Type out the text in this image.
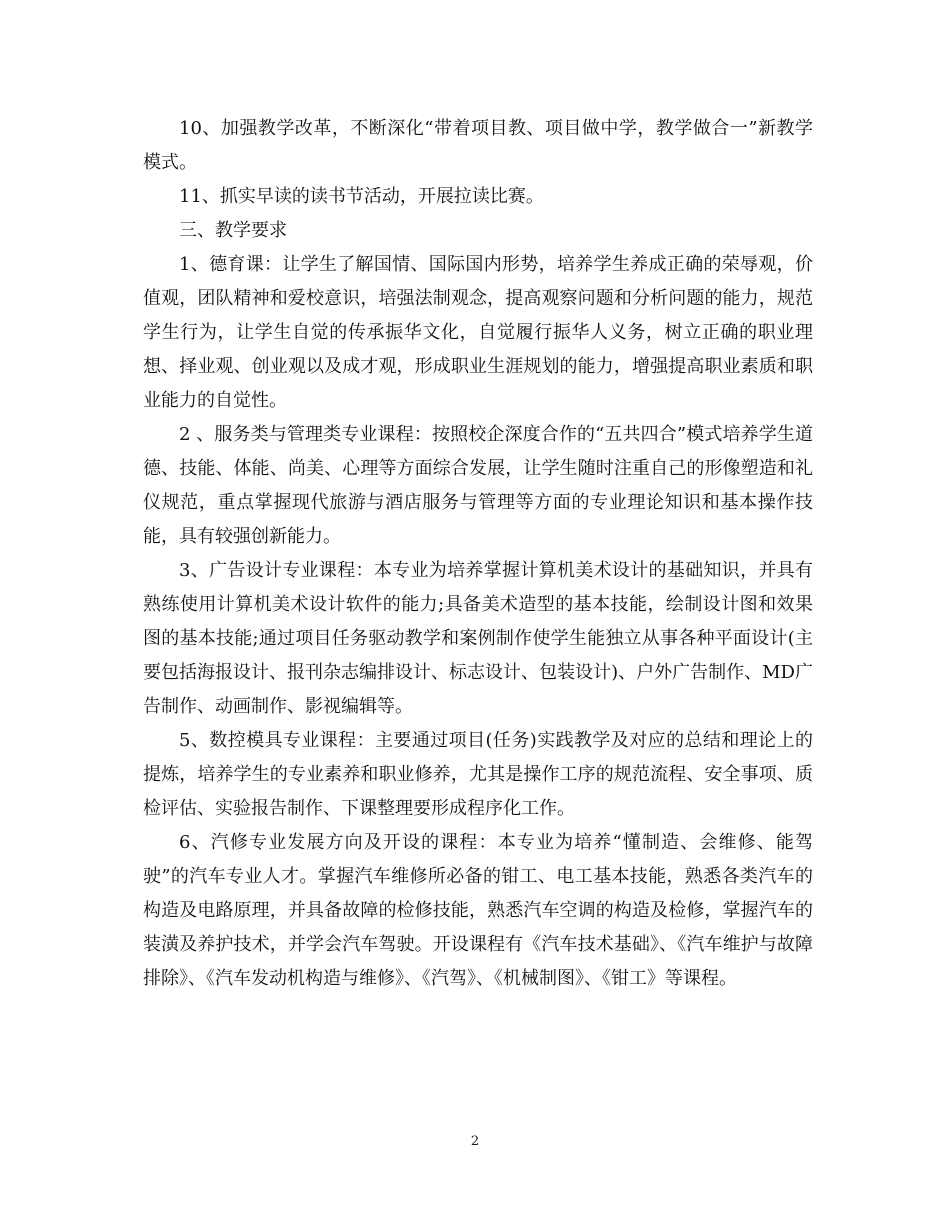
10、加强教学改革，不断深化“带着项目教、项目做中学，教学做合一”新教学模式。

11、抓实早读的读书节活动，开展拉读比赛。

三、教学要求

1、德育课：让学生了解国情、国际国内形势，培养学生养成正确的荣辱观，价值观，团队精神和爱校意识，培强法制观念，提高观察问题和分析问题的能力，规范学生行为，让学生自觉的传承振华文化，自觉履行振华人义务，树立正确的职业理想、择业观、创业观以及成才观，形成职业生涯规划的能力，增强提高职业素质和职业能力的自觉性。

2 、服务类与管理类专业课程：按照校企深度合作的“五共四合”模式培养学生道德、技能、体能、尚美、心理等方面综合发展，让学生随时注重自己的形像塑造和礼仪规范，重点掌握现代旅游与酒店服务与管理等方面的专业理论知识和基本操作技能，具有较强创新能力。

3、广告设计专业课程：本专业为培养掌握计算机美术设计的基础知识，并具有熟练使用计算机美术设计软件的能力;具备美术造型的基本技能，绘制设计图和效果图的基本技能;通过项目任务驱动教学和案例制作使学生能独立从事各种平面设计(主要包括海报设计、报刊杂志编排设计、标志设计、包装设计)、户外广告制作、MD广告制作、动画制作、影视编辑等。

5、数控模具专业课程：主要通过项目(任务)实践教学及对应的总结和理论上的提炼，培养学生的专业素养和职业修养，尤其是操作工序的规范流程、安全事项、质检评估、实验报告制作、下课整理要形成程序化工作。

6、汽修专业发展方向及开设的课程：本专业为培养“懂制造、会维修、能驾驶”的汽车专业人才。掌握汽车维修所必备的钳工、电工基本技能，熟悉各类汽车的构造及电路原理，并具备故障的检修技能，熟悉汽车空调的构造及检修，掌握汽车的装潢及养护技术，并学会汽车驾驶。开设课程有《汽车技术基础》、《汽车维护与故障排除》、《汽车发动机构造与维修》、《汽驾》、《机械制图》、《钳工》等课程。

2
